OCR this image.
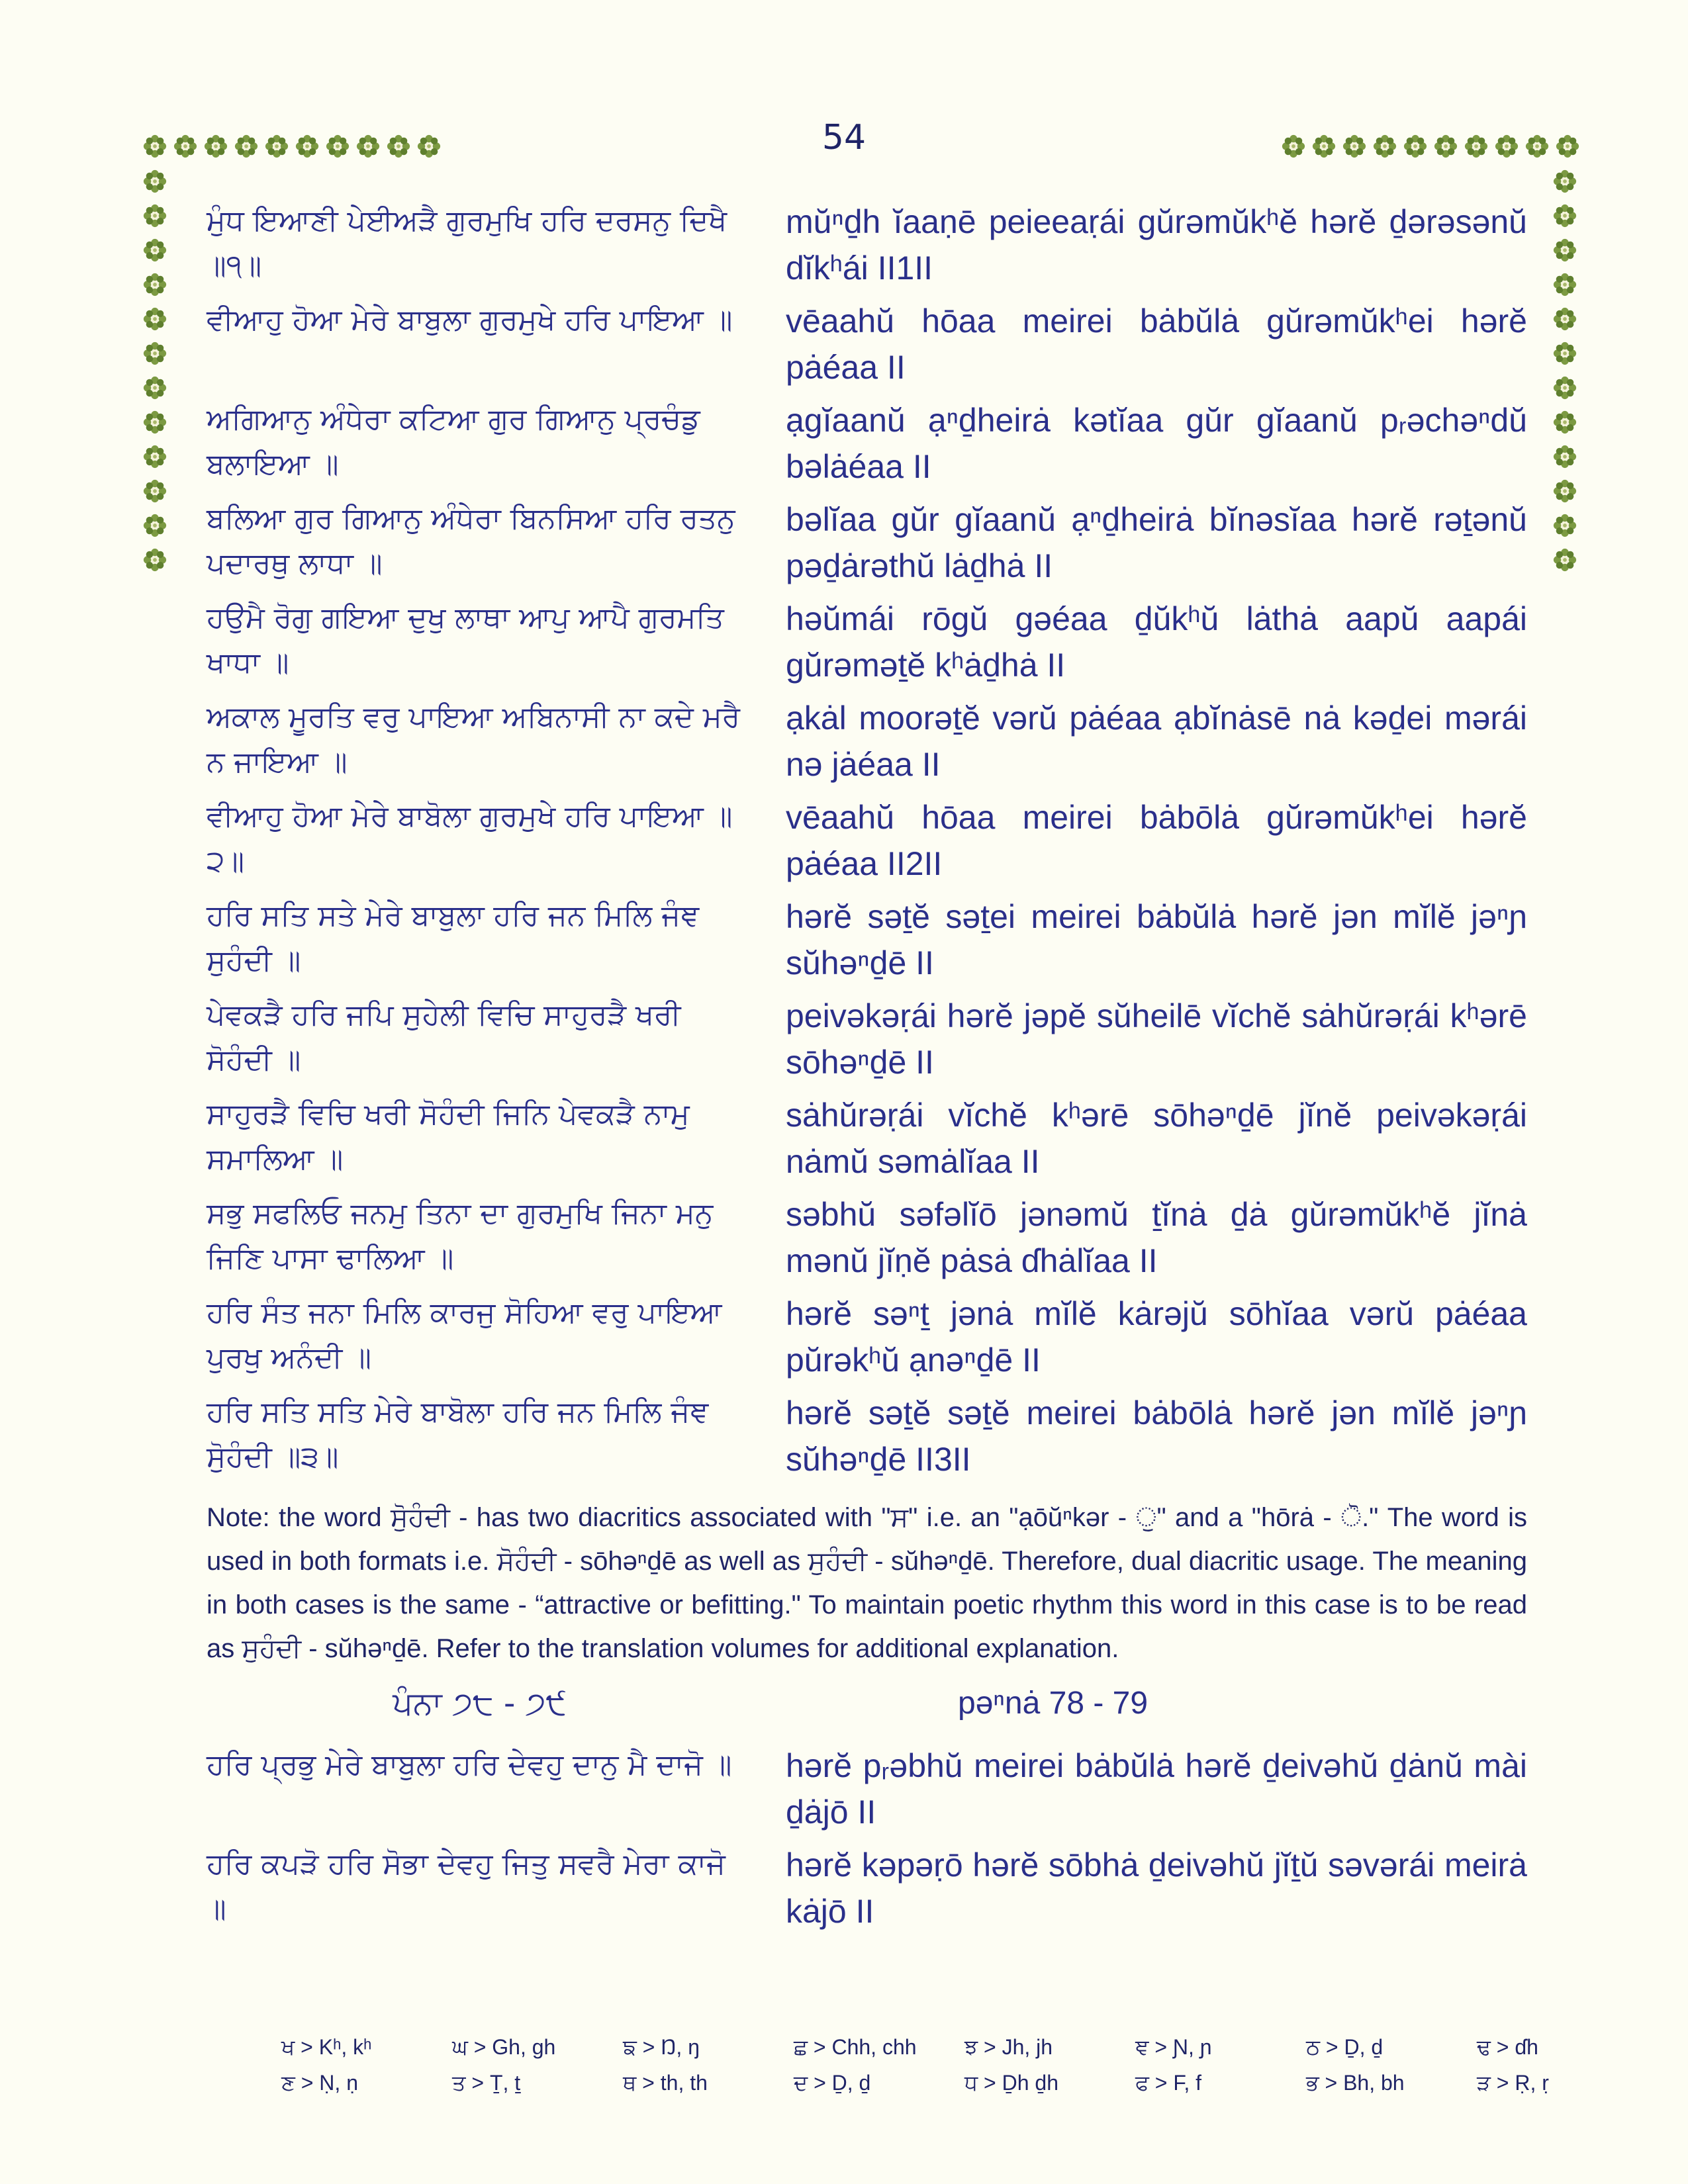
54
ਮੁੰਧ ਇਆਣੀ ਪੇਈਅੜੈ ਗੁਰਮੁਖਿ ਹਰਿ ਦਰਸਨੁ ਦਿਖੈ ॥੧॥
mŭⁿḏh ĭaaṇē peieeaṛái gŭrəmŭkʰĕ hərĕ ḏərəsənŭ dĭkʰái II1II
ਵੀਆਹੁ ਹੋਆ ਮੇਰੇ ਬਾਬੁਲਾ ਗੁਰਮੁਖੇ ਹਰਿ ਪਾਇਆ ॥	vēaahŭ hōaa meirei bȧbŭlȧ gŭrəmŭkʰei hərĕ pȧéaa II
ਅਗਿਆਨੁ ਅੰਧੇਰਾ ਕਟਿਆ ਗੁਰ ਗਿਆਨੁ ਪ੍ਰਚੰਡੁ ਬਲਾਇਆ ॥
ạgĭaanŭ ạⁿḏheirȧ kətĭaa gŭr gĭaanŭ pᵣəchəⁿdŭ bəlȧéaa II
ਬਲਿਆ ਗੁਰ ਗਿਆਨੁ ਅੰਧੇਰਾ ਬਿਨਸਿਆ ਹਰਿ ਰਤਨੁ ਪਦਾਰਥੁ ਲਾਧਾ ॥
bəlĭaa gŭr gĭaanŭ ạⁿḏheirȧ bĭnəsĭaa hərĕ rəṯənŭ pəḏȧrəthŭ lȧḏhȧ II
ਹਉਮੈ ਰੋਗੁ ਗਇਆ ਦੁਖੁ ਲਾਥਾ ਆਪੁ ਆਪੈ ਗੁਰਮਤਿ ਖਾਧਾ ॥
həŭmái rōgŭ gəéaa ḏŭkʰŭ lȧthȧ aapŭ aapái gŭrəməṯĕ kʰȧḏhȧ II
ਅਕਾਲ ਮੂਰਤਿ ਵਰੁ ਪਾਇਆ ਅਬਿਨਾਸੀ ਨਾ ਕਦੇ ਮਰੈ ਨ ਜਾਇਆ ॥
ạkȧl moorəṯĕ vərŭ pȧéaa ạbĭnȧsē nȧ kəḏei mərái nə jȧéaa II
ਵੀਆਹੁ ਹੋਆ ਮੇਰੇ ਬਾਬੋਲਾ ਗੁਰਮੁਖੇ ਹਰਿ ਪਾਇਆ ॥੨॥
vēaahŭ hōaa meirei bȧbōlȧ gŭrəmŭkʰei hərĕ pȧéaa II2II
ਹਰਿ ਸਤਿ ਸਤੇ ਮੇਰੇ ਬਾਬੁਲਾ ਹਰਿ ਜਨ ਮਿਲਿ ਜੰਞ ਸੁਹੰਦੀ ॥
hərĕ səṯĕ səṯei meirei bȧbŭlȧ hərĕ jən mĭlĕ jəⁿɲ sŭhəⁿḏē II
ਪੇਵਕੜੈ ਹਰਿ ਜਪਿ ਸੁਹੇਲੀ ਵਿਚਿ ਸਾਹੁਰੜੈ ਖਰੀ ਸੋਹੰਦੀ ॥
peivəkəṛái hərĕ jəpĕ sŭheilē vĭchĕ sȧhŭrəṛái kʰərē sōhəⁿḏē II
ਸਾਹੁਰੜੈ ਵਿਚਿ ਖਰੀ ਸੋਹੰਦੀ ਜਿਨਿ ਪੇਵਕੜੈ ਨਾਮੁ ਸਮਾਲਿਆ ॥
sȧhŭrəṛái vĭchĕ kʰərē sōhəⁿḏē jĭnĕ peivəkəṛái nȧmŭ səmȧlĭaa II
ਸਭੁ ਸਫਲਿਓ ਜਨਮੁ ਤਿਨਾ ਦਾ ਗੁਰਮੁਖਿ ਜਿਨਾ ਮਨੁ ਜਿਣਿ ਪਾਸਾ ਢਾਲਿਆ ॥
səbhŭ səfəlĭō jənəmŭ ṯĭnȧ ḏȧ gŭrəmŭkʰĕ jĭnȧ mənŭ jĭṇĕ pȧsȧ ɗhȧlĭaa II
ਹਰਿ ਸੰਤ ਜਨਾ ਮਿਲਿ ਕਾਰਜੁ ਸੋਹਿਆ ਵਰੁ ਪਾਇਆ ਪੁਰਖੁ ਅਨੰਦੀ ॥
hərĕ səⁿṯ jənȧ mĭlĕ kȧrəjŭ sōhĭaa vərŭ pȧéaa pŭrəkʰŭ ạnəⁿḏē II
ਹਰਿ ਸਤਿ ਸਤਿ ਮੇਰੇ ਬਾਬੋਲਾ ਹਰਿ ਜਨ ਮਿਲਿ ਜੰਞ ਸੋੁਹੰਦੀ ॥੩॥
hərĕ səṯĕ səṯĕ meirei bȧbōlȧ hərĕ jən mĭlĕ jəⁿɲ sŭhəⁿḏē II3II
Note: the word ਸੋੁਹੰਦੀ - has two diacritics associated with "ਸ" i.e. an "ạōŭⁿkər - ੁ" and a "hōrȧ - ੋ." The word is used in both formats i.e. ਸੋਹੰਦੀ - sōhəⁿḏē as well as ਸੁਹੰਦੀ - sŭhəⁿḏē. Therefore, dual diacritic usage. The meaning in both cases is the same - “attractive or befitting." To maintain poetic rhythm this word in this case is to be read as ਸੁਹੰਦੀ - sŭhəⁿḏē. Refer to the translation volumes for additional explanation.
ਪੰਨਾ ੭੮ - ੭੯	pəⁿnȧ 78 - 79
ਹਰਿ ਪ੍ਰਭੁ ਮੇਰੇ ਬਾਬੁਲਾ ਹਰਿ ਦੇਵਹੁ ਦਾਨੁ ਮੈ ਦਾਜੋ ॥	hərĕ pᵣəbhŭ meirei bȧbŭlȧ hərĕ ḏeivəhŭ ḏȧnŭ mài ḏȧjō II
ਹਰਿ ਕਪੜੋ ਹਰਿ ਸੋਭਾ ਦੇਵਹੁ ਜਿਤੁ ਸਵਰੈ ਮੇਰਾ ਕਾਜੋ ॥
hərĕ kəpəṛō hərĕ sōbhȧ ḏeivəhŭ jĭṯŭ səvərái meirȧ kȧjō II
ਖ > Kʰ, kʰ	ਘ > Gh, gh	ਙ > Ŋ, ŋ	ਛ > Chh, chh	ਝ > Jh, jh	ਞ > Ɲ, ɲ	ਠ > Ḏ, ḏ	ਢ > ɗh
ਣ > Ṇ, ṇ	ਤ > Ṯ, ṯ	ਥ > th, th	ਦ > Ḏ, ḏ	ਧ > Ḏh ḏh	ਫ > F, f	ਭ > Bh, bh	ੜ > Ṛ, ṛ
